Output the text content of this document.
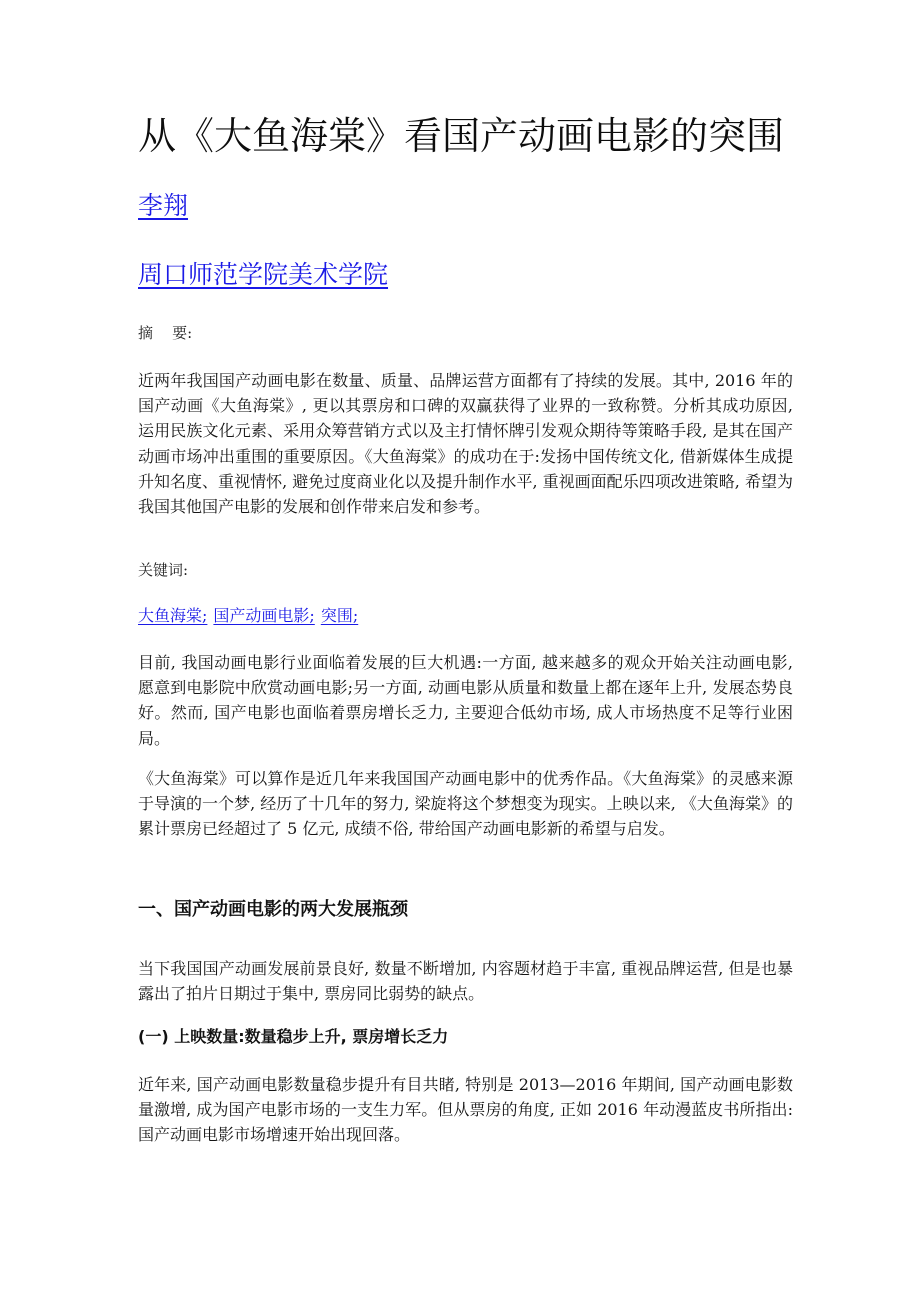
从《大鱼海棠》看国产动画电影的突围
李翔
周口师范学院美术学院
摘    要:

近两年我国国产动画电影在数量、质量、品牌运营方面都有了持续的发展。其中, 2016 年的国产动画《大鱼海棠》, 更以其票房和口碑的双赢获得了业界的一致称赞。分析其成功原因, 运用民族文化元素、采用众筹营销方式以及主打情怀牌引发观众期待等策略手段, 是其在国产动画市场冲出重围的重要原因。《大鱼海棠》的成功在于:发扬中国传统文化, 借新媒体生成提升知名度、重视情怀, 避免过度商业化以及提升制作水平, 重视画面配乐四项改进策略, 希望为我国其他国产电影的发展和创作带来启发和参考。

关键词:
大鱼海棠; 国产动画电影; 突围;

目前, 我国动画电影行业面临着发展的巨大机遇:一方面, 越来越多的观众开始关注动画电影, 愿意到电影院中欣赏动画电影;另一方面, 动画电影从质量和数量上都在逐年上升, 发展态势良好。然而, 国产电影也面临着票房增长乏力, 主要迎合低幼市场, 成人市场热度不足等行业困局。

《大鱼海棠》可以算作是近几年来我国国产动画电影中的优秀作品。《大鱼海棠》的灵感来源于导演的一个梦, 经历了十几年的努力, 梁旋将这个梦想变为现实。上映以来, 《大鱼海棠》的累计票房已经超过了 5 亿元, 成绩不俗, 带给国产动画电影新的希望与启发。

一、国产动画电影的两大发展瓶颈

当下我国国产动画发展前景良好, 数量不断增加, 内容题材趋于丰富, 重视品牌运营, 但是也暴露出了拍片日期过于集中, 票房同比弱势的缺点。

(一) 上映数量:数量稳步上升, 票房增长乏力

近年来, 国产动画电影数量稳步提升有目共睹, 特别是 2013—2016 年期间, 国产动画电影数量激增, 成为国产电影市场的一支生力军。但从票房的角度, 正如 2016 年动漫蓝皮书所指出:国产动画电影市场增速开始出现回落。
